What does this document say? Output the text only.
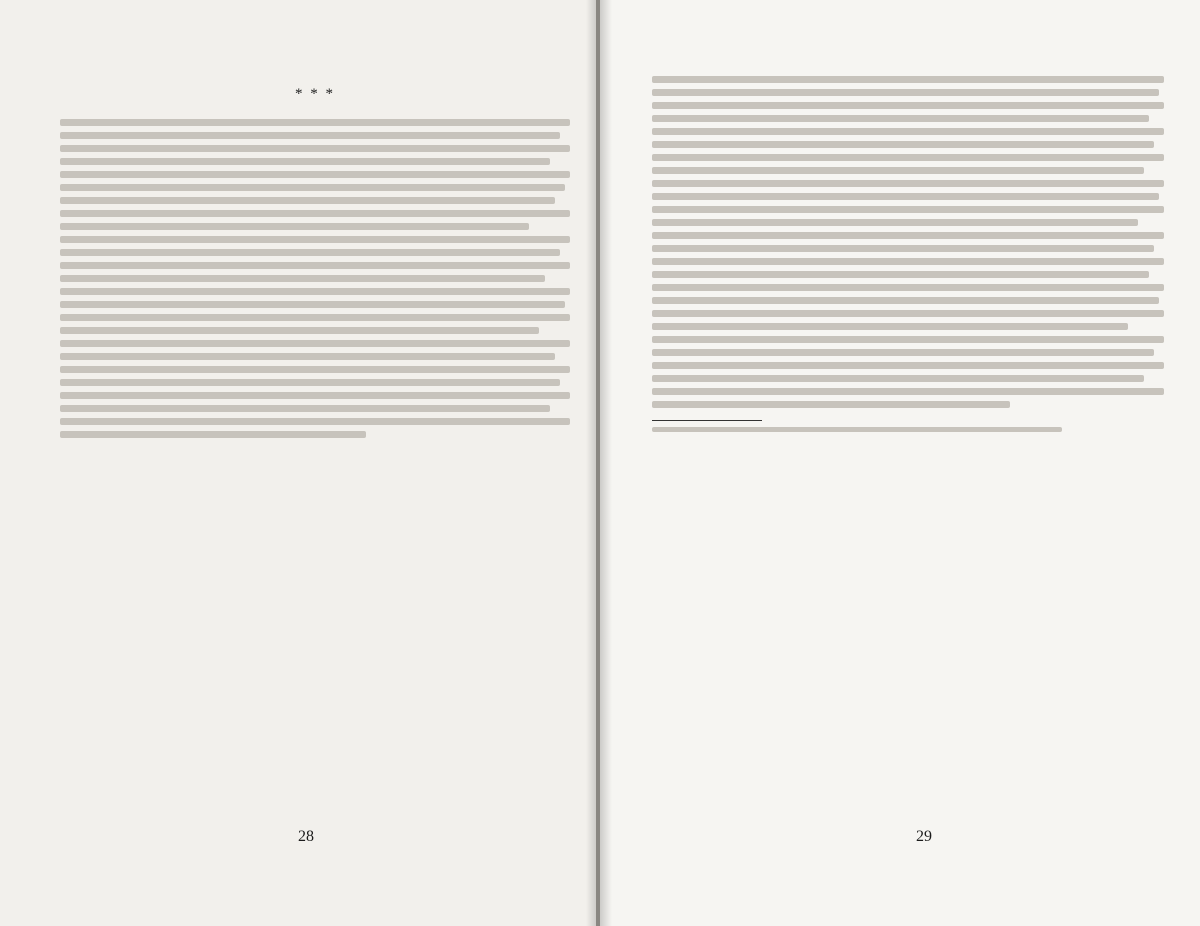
* * *
28	29
